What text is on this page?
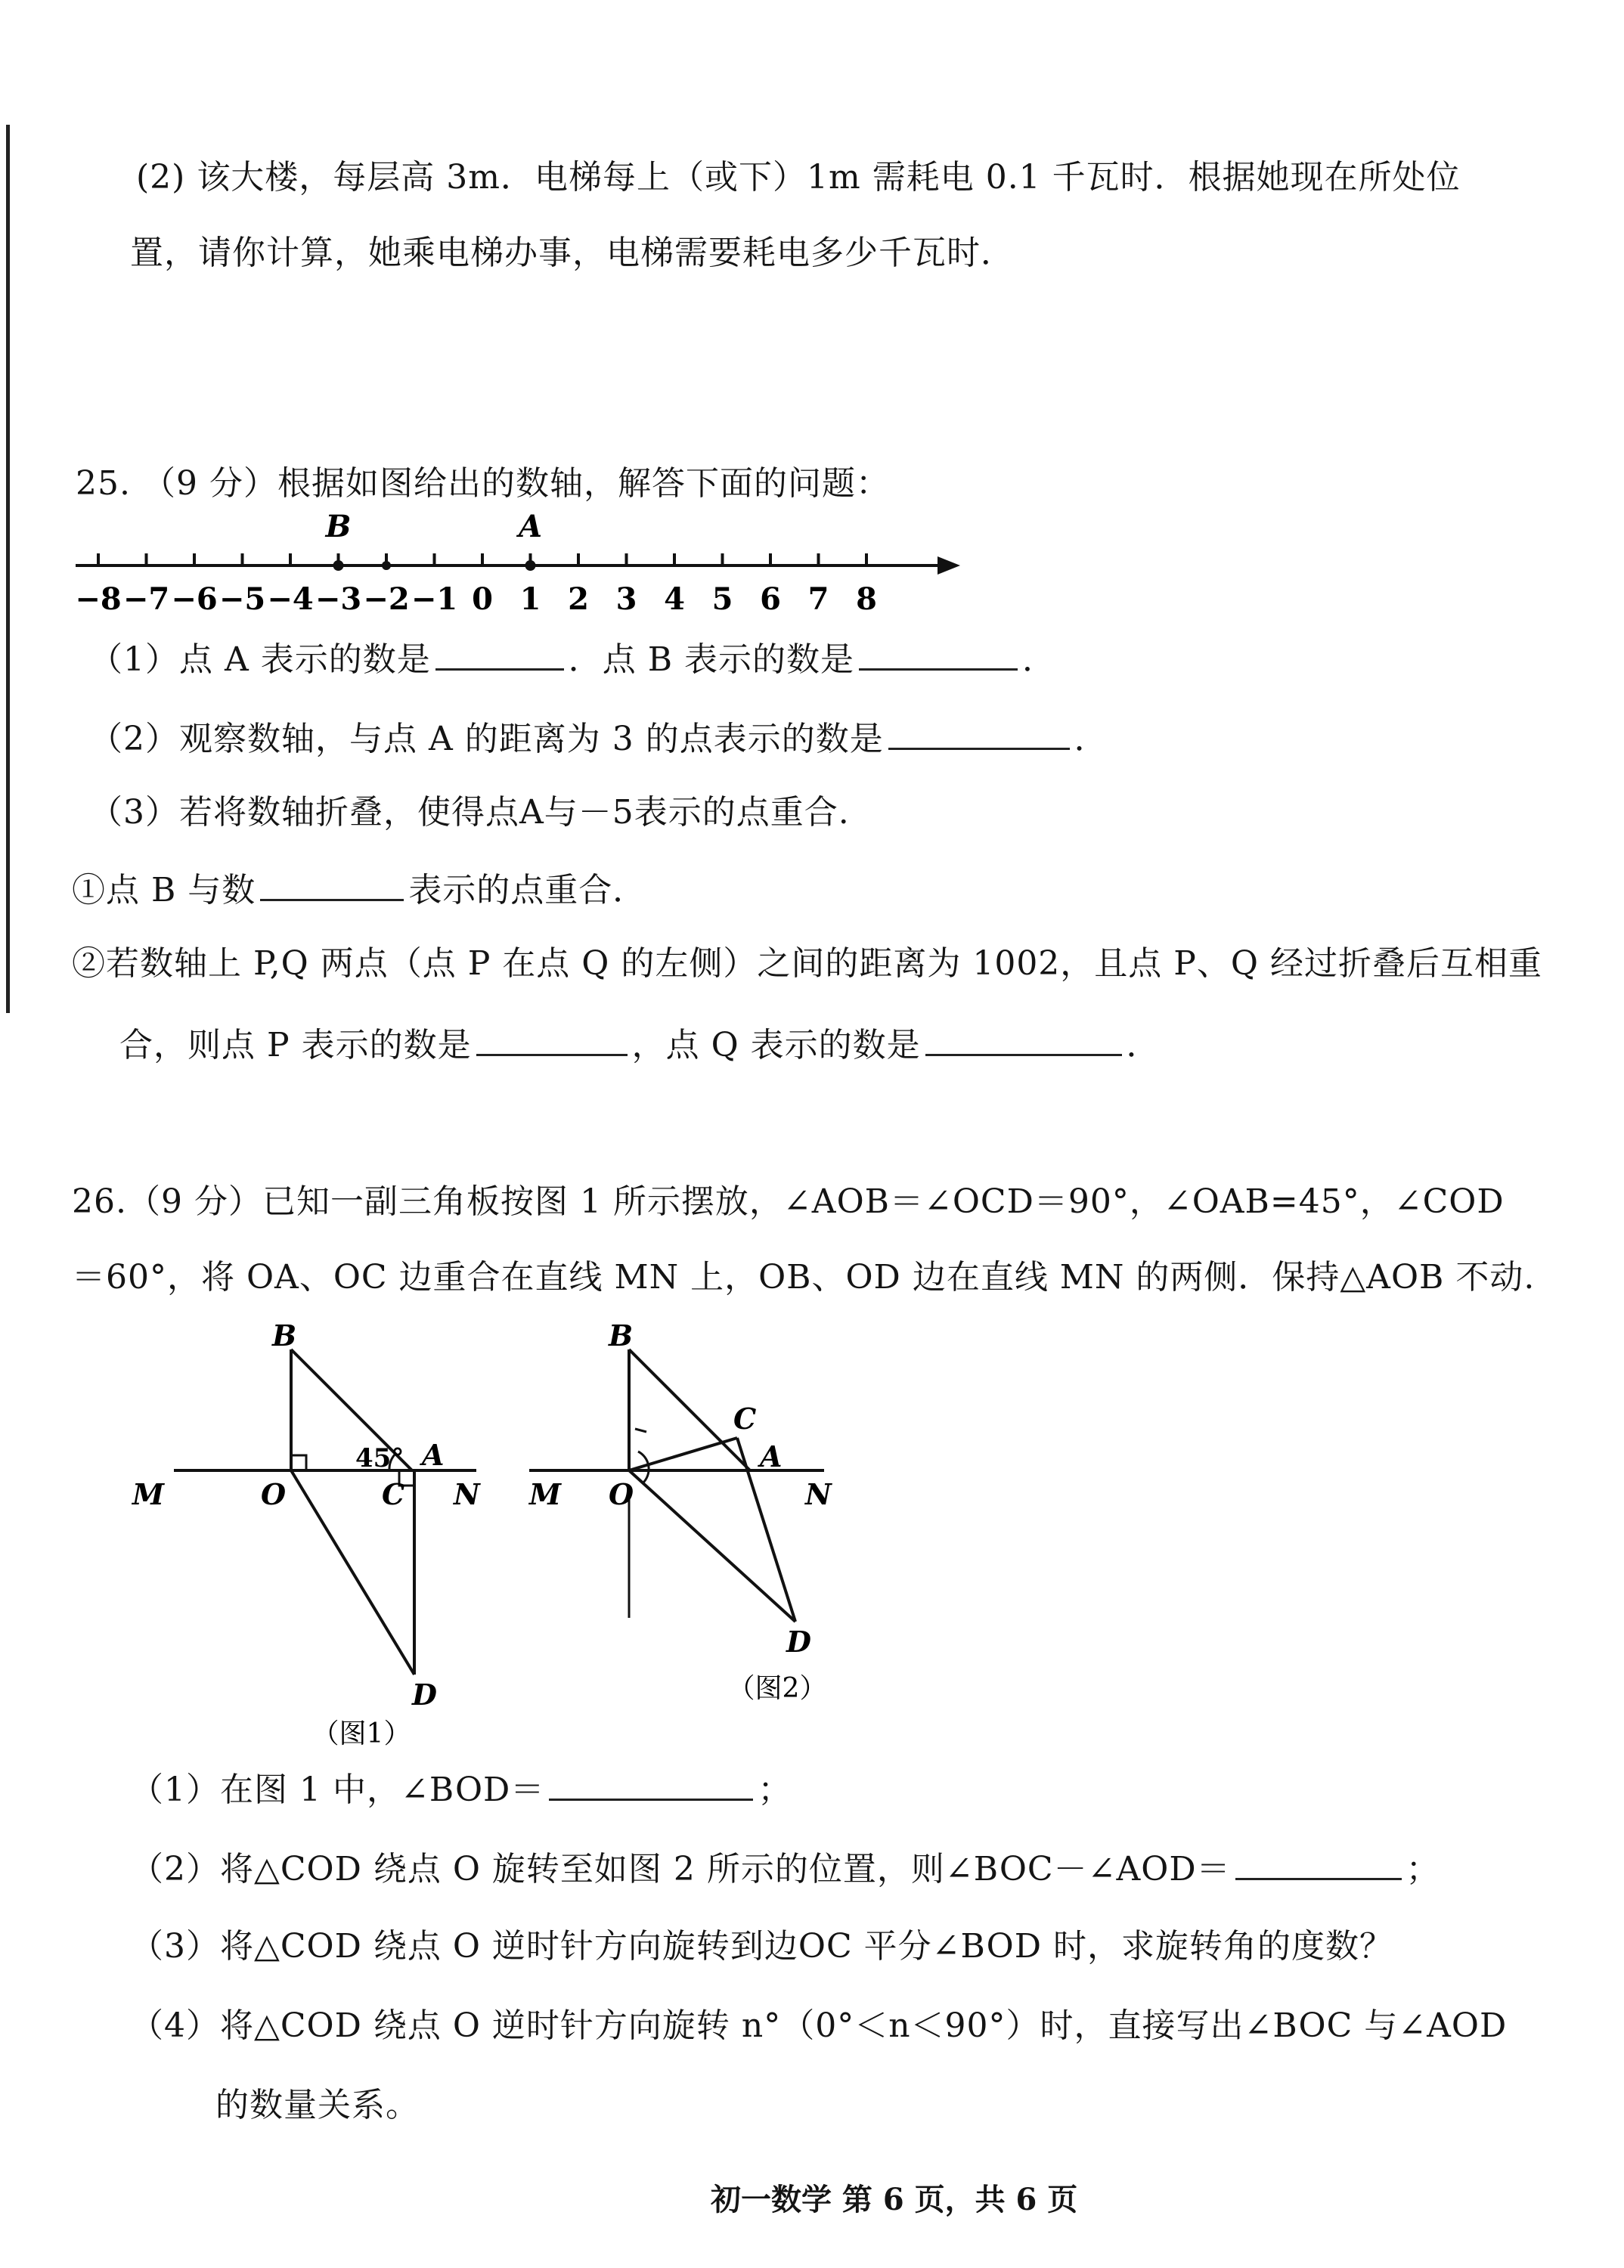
(2) 该大楼，每层高 3m．电梯每上（或下）1m 需耗电 0.1 千瓦时．根据她现在所处位
置，请你计算，她乘电梯办事，电梯需要耗电多少千瓦时．
25. （9 分）根据如图给出的数轴，解答下面的问题：
−8 −7 −6 −5 −4 −3 −2 −1 0 1 2 3 4 5 6 7 8
B	A
（1）点 A 表示的数是	．点 B 表示的数是	．
（2）观察数轴，与点 A 的距离为 3 的点表示的数是	．
（3）若将数轴折叠，使得点A与－5表示的点重合.
①点 B 与数	表示的点重合．
②若数轴上 P,Q 两点（点 P 在点 Q 的左侧）之间的距离为 1002，且点 P、Q 经过折叠后互相重
合，则点 P 表示的数是	，点 Q 表示的数是	．
26.（9 分）已知一副三角板按图 1 所示摆放，∠AOB＝∠OCD＝90°，∠OAB=45°，∠COD
＝60°，将 OA、OC 边重合在直线 MN 上，OB、OD 边在直线 MN 的两侧．保持△AOB 不动.
B
A
M	O	C N
D
45°
（图1）
B
C
A
M O	N
D
（图2）
（1）在图 1 中，∠BOD＝	；
（2）将△COD 绕点 O 旋转至如图 2 所示的位置，则∠BOC－∠AOD＝	；
（3）将△COD 绕点 O 逆时针方向旋转到边OC 平分∠BOD 时，求旋转角的度数？
（4）将△COD 绕点 O 逆时针方向旋转 n°（0°＜n＜90°）时，直接写出∠BOC 与∠AOD
的数量关系。
初一数学 第 6 页，共 6 页
